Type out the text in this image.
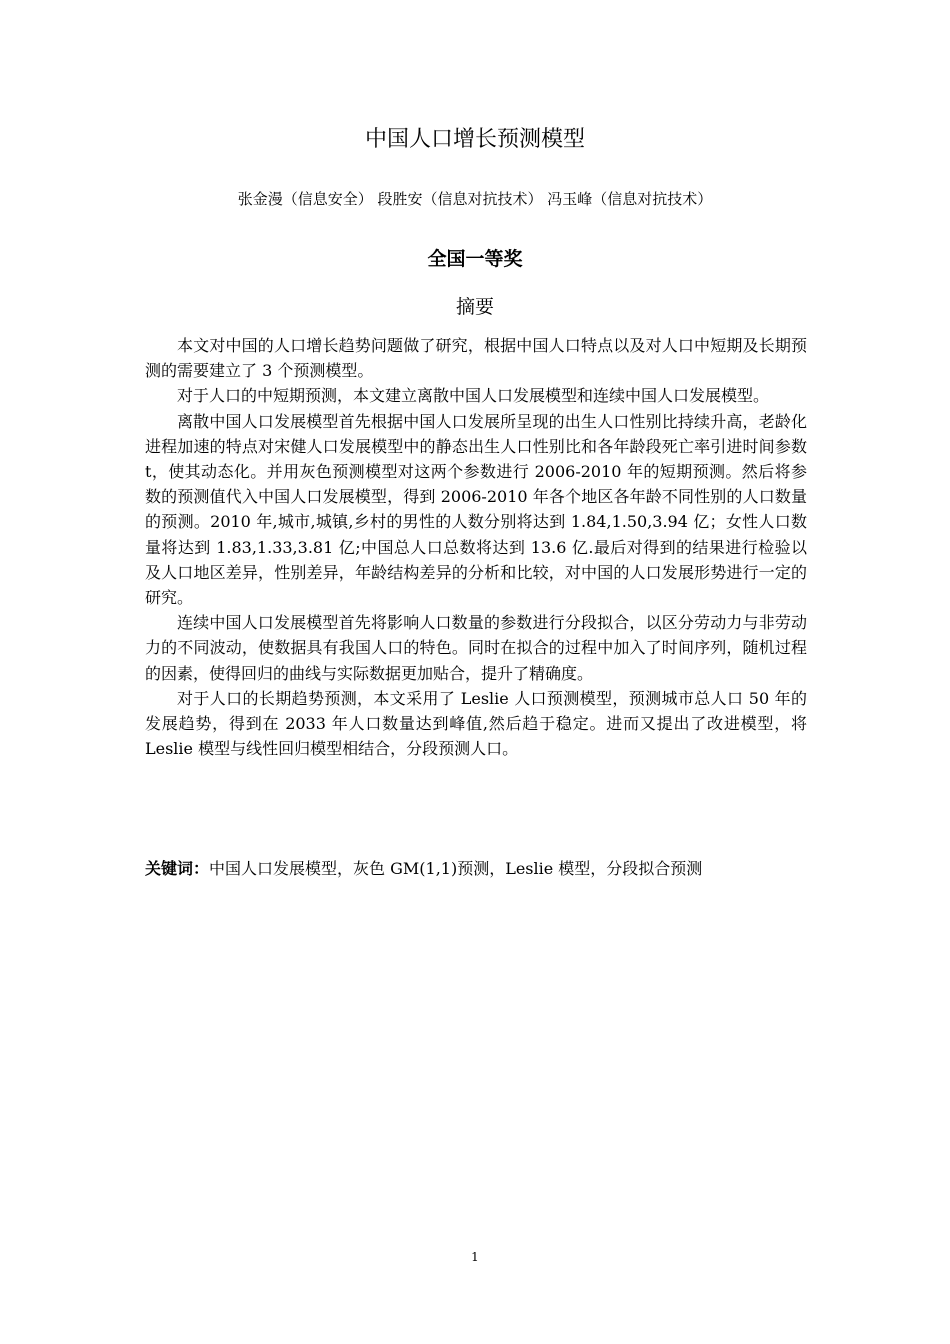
中国人口增长预测模型
张金漫（信息安全） 段胜安（信息对抗技术） 冯玉峰（信息对抗技术）
全国一等奖
摘要

本文对中国的人口增长趋势问题做了研究，根据中国人口特点以及对人口中短期及长期预测的需要建立了 3 个预测模型。

对于人口的中短期预测，本文建立离散中国人口发展模型和连续中国人口发展模型。

离散中国人口发展模型首先根据中国人口发展所呈现的出生人口性别比持续升高，老龄化进程加速的特点对宋健人口发展模型中的静态出生人口性别比和各年龄段死亡率引进时间参数 t，使其动态化。并用灰色预测模型对这两个参数进行 2006-2010 年的短期预测。然后将参数的预测值代入中国人口发展模型，得到 2006-2010 年各个地区各年龄不同性别的人口数量的预测。2010 年,城市,城镇,乡村的男性的人数分别将达到 1.84,1.50,3.94 亿；女性人口数量将达到 1.83,1.33,3.81 亿;中国总人口总数将达到 13.6 亿.最后对得到的结果进行检验以及人口地区差异，性别差异，年龄结构差异的分析和比较，对中国的人口发展形势进行一定的研究。

连续中国人口发展模型首先将影响人口数量的参数进行分段拟合，以区分劳动力与非劳动力的不同波动，使数据具有我国人口的特色。同时在拟合的过程中加入了时间序列，随机过程的因素，使得回归的曲线与实际数据更加贴合，提升了精确度。

对于人口的长期趋势预测，本文采用了 Leslie 人口预测模型，预测城市总人口 50 年的发展趋势，得到在 2033 年人口数量达到峰值,然后趋于稳定。进而又提出了改进模型，将 Leslie 模型与线性回归模型相结合，分段预测人口。

关键词：中国人口发展模型，灰色 GM(1,1)预测，Leslie 模型，分段拟合预测

1
